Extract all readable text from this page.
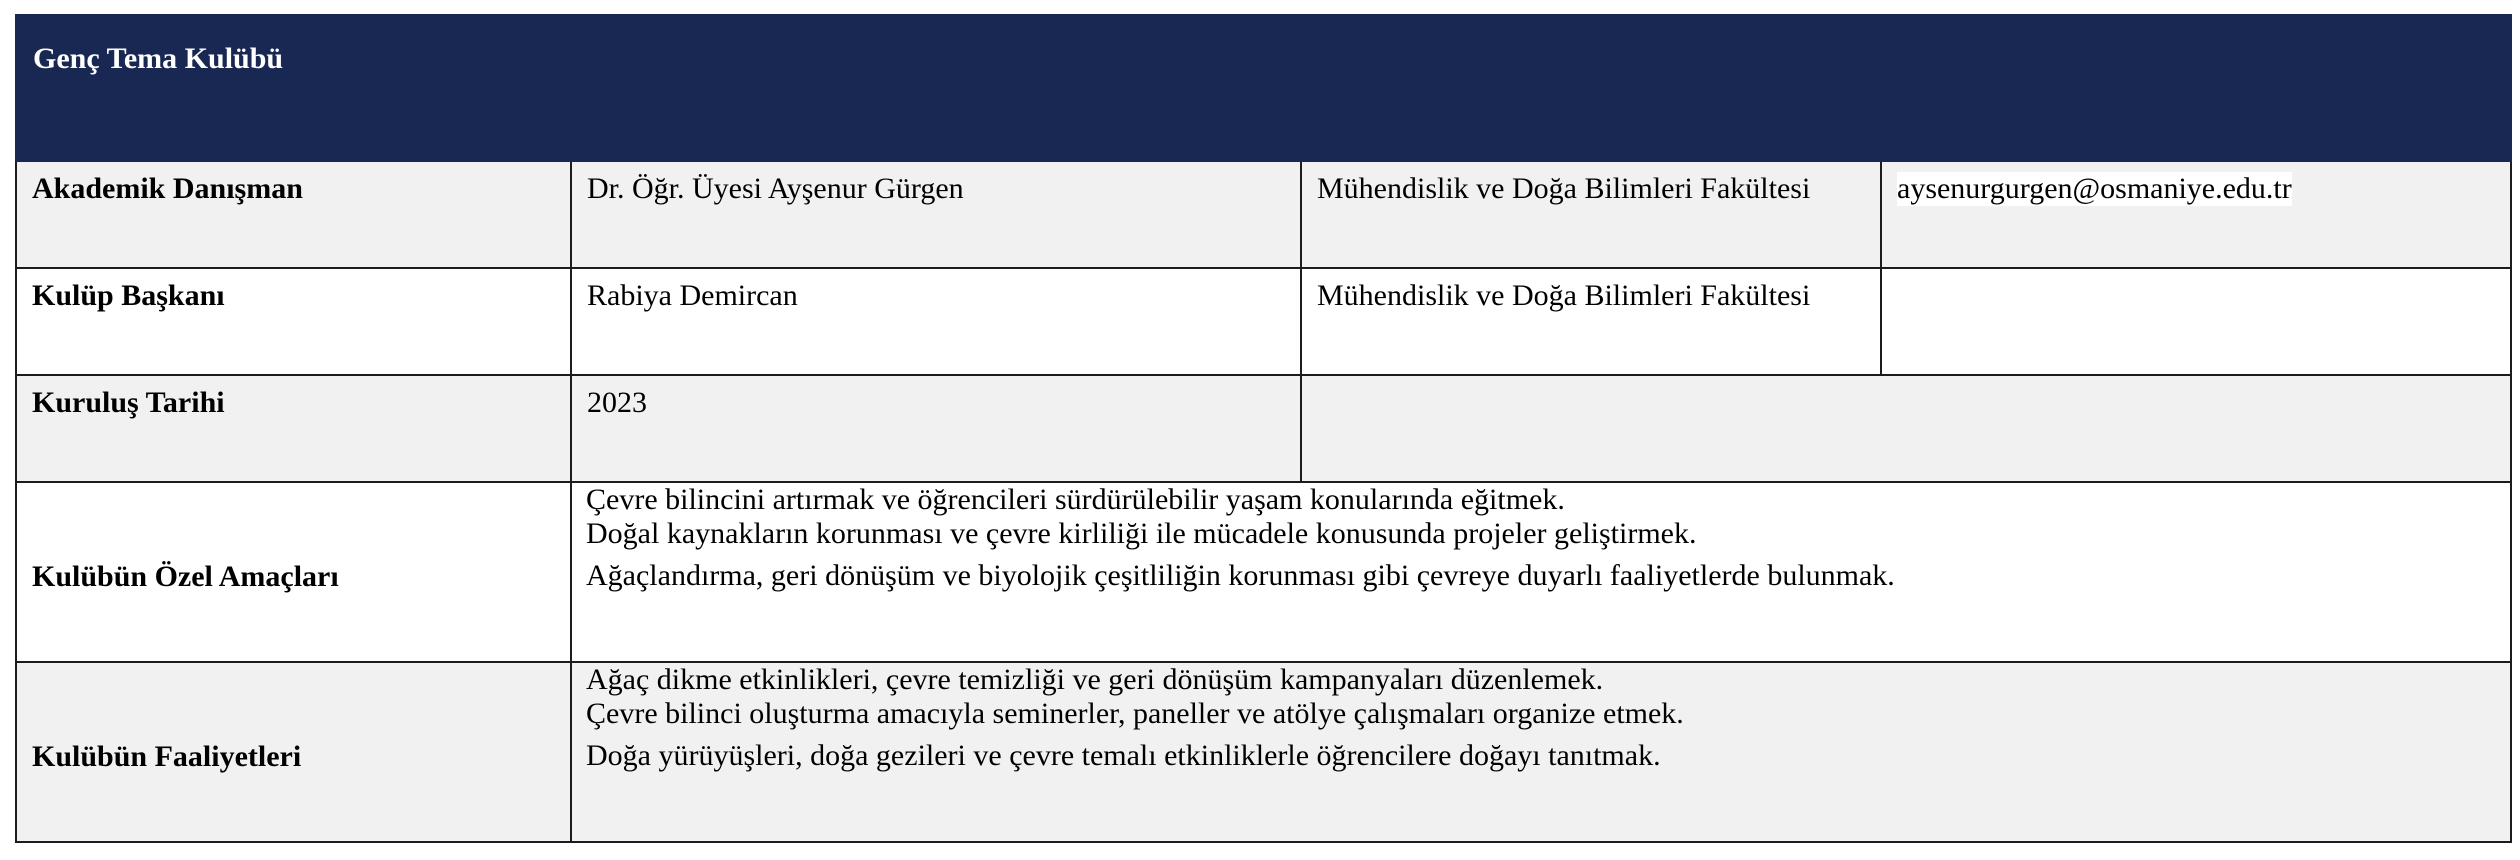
Genç Tema Kulübü			
Akademik Danışman	Dr. Öğr. Üyesi Ayşenur Gürgen	Mühendislik ve Doğa Bilimleri Fakültesi	aysenurgurgen@osmaniye.edu.tr
Kulüp Başkanı	Rabiya Demircan	Mühendislik ve Doğa Bilimleri Fakültesi	
Kuruluş Tarihi	2023		
Kulübün Özel Amaçları	Çevre bilincini artırmak ve öğrencileri sürdürülebilir yaşam konularında eğitmek.
Doğal kaynakların korunması ve çevre kirliliği ile mücadele konusunda projeler geliştirmek.
Ağaçlandırma, geri dönüşüm ve biyolojik çeşitliliğin korunması gibi çevreye duyarlı faaliyetlerde bulunmak.		

Kulübün Faaliyetleri	Ağaç dikme etkinlikleri, çevre temizliği ve geri dönüşüm kampanyaları düzenlemek.
Çevre bilinci oluşturma amacıyla seminerler, paneller ve atölye çalışmaları organize etmek.
Doğa yürüyüşleri, doğa gezileri ve çevre temalı etkinliklerle öğrencilere doğayı tanıtmak.		
